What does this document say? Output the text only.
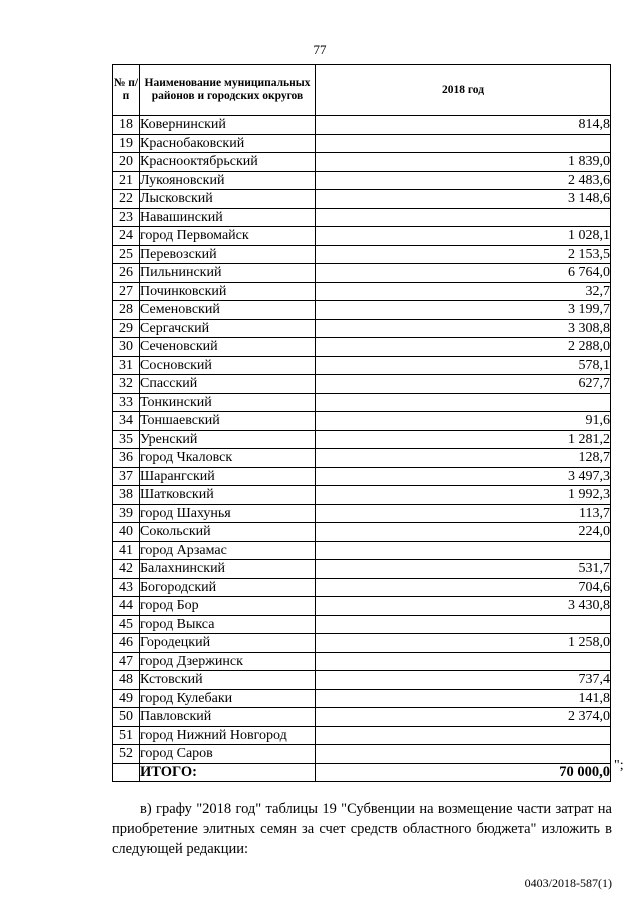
77
№ п/п	Наименование муниципальных районов и городских округов	2018 год
18	Ковернинский	814,8
19	Краснобаковский	
20	Краснооктябрьский	1 839,0
21	Лукояновский	2 483,6
22	Лысковский	3 148,6
23	Навашинский	
24	город Первомайск	1 028,1
25	Перевозский	2 153,5
26	Пильнинский	6 764,0
27	Починковский	32,7
28	Семеновский	3 199,7
29	Сергачский	3 308,8
30	Сеченовский	2 288,0
31	Сосновский	578,1
32	Спасский	627,7
33	Тонкинский	
34	Тоншаевский	91,6
35	Уренский	1 281,2
36	город Чкаловск	128,7
37	Шарангский	3 497,3
38	Шатковский	1 992,3
39	город Шахунья	113,7
40	Сокольский	224,0
41	город Арзамас	
42	Балахнинский	531,7
43	Богородский	704,6
44	город Бор	3 430,8
45	город Выкса	
46	Городецкий	1 258,0
47	город Дзержинск	
48	Кстовский	737,4
49	город Кулебаки	141,8
50	Павловский	2 374,0
51	город Нижний Новгород	
52	город Саров	
	ИТОГО:	70 000,0 ";
в) графу "2018 год" таблицы 19 "Субвенции на возмещение части затрат на приобретение элитных семян за счет средств областного бюджета" изложить в следующей редакции:
0403/2018-587(1)
